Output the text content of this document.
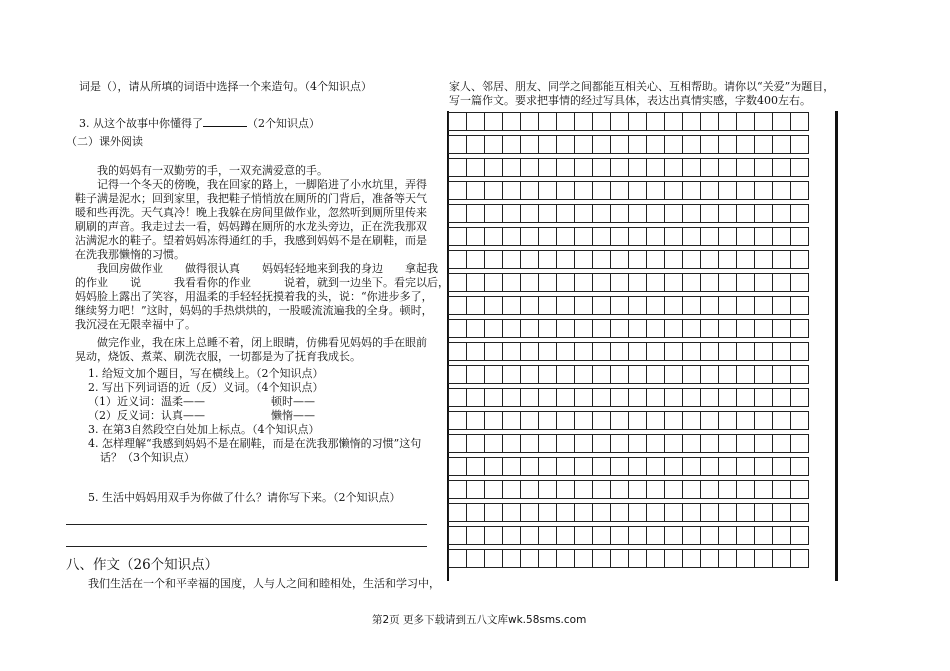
词是（），请从所填的词语中选择一个来造句。（4个知识点）
3. 从这个故事中你懂得了	（2个知识点）
（二）课外阅读
我的妈妈有一双勤劳的手，一双充满爱意的手。
记得一个冬天的傍晚，我在回家的路上，一脚陷进了小水坑里，弄得
鞋子满是泥水；回到家里，我把鞋子悄悄放在厕所的门背后，准备等天气
暖和些再洗。天气真冷！晚上我躲在房间里做作业，忽然听到厕所里传来
刷刷的声音。我走过去一看，妈妈蹲在厕所的水龙头旁边，正在洗我那双
沾满泥水的鞋子。望着妈妈冻得通红的手，我感到妈妈不是在刷鞋，而是
在洗我那懒惰的习惯。
我回房做作业　　做得很认真　　妈妈轻轻地来到我的身边　　拿起我
的作业　　说　　　我看看你的作业　　　说着，就到一边坐下。看完以后，
妈妈脸上露出了笑容，用温柔的手轻轻抚摸着我的头，说：“你进步多了，
继续努力吧！”这时，妈妈的手热烘烘的，一股暖流流遍我的全身。顿时，
我沉浸在无限幸福中了。
做完作业，我在床上总睡不着，闭上眼睛，仿佛看见妈妈的手在眼前
晃动，烧饭、煮菜、刷洗衣服，一切都是为了抚育我成长。
1. 给短文加个题目，写在横线上。（2个知识点）
2. 写出下列词语的近（反）义词。（4个知识点）
（1）近义词：温柔——	顿时——
（2）反义词：认真——	懒惰——
3. 在第3自然段空白处加上标点。（4个知识点）
4. 怎样理解“我感到妈妈不是在刷鞋，而是在洗我那懒惰的习惯”这句
话？（3个知识点）
5. 生活中妈妈用双手为你做了什么？请你写下来。（2个知识点）
八、作文（26个知识点）
我们生活在一个和平幸福的国度，人与人之间和睦相处，生活和学习中，
家人、邻居、朋友、同学之间都能互相关心、互相帮助。请你以“关爱”为题目，
写一篇作文。要求把事情的经过写具体，表达出真情实感，字数400左右。

第2页 更多下载请到五八文库wk.58sms.com
